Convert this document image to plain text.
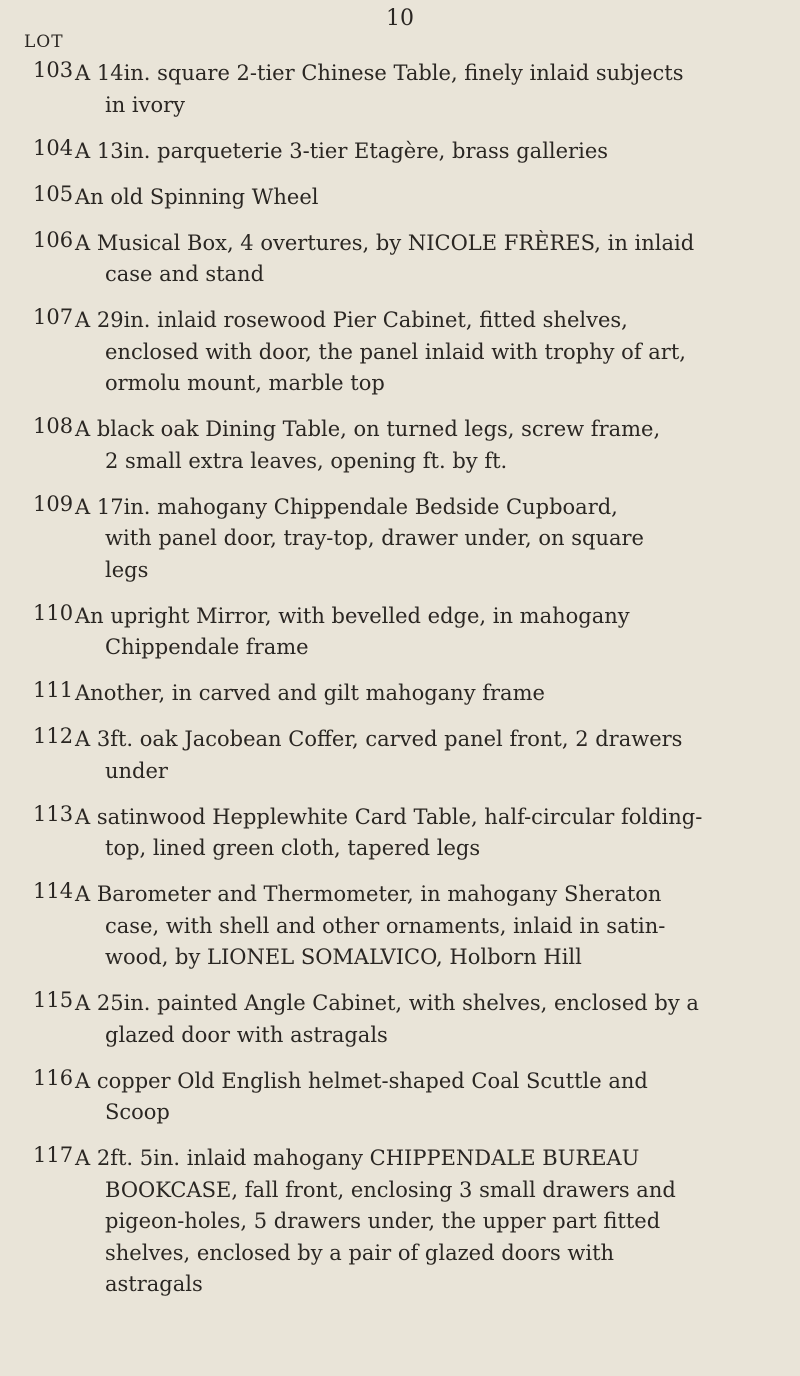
10
LOT
103 A 14in. square 2-tier Chinese Table, finely inlaid subjects
in ivory
104 A 13in. parqueterie 3-tier Etagère, brass galleries
105 An old Spinning Wheel
106 A Musical Box, 4 overtures, by NICOLE FRÈRES, in inlaid
case and stand
107 A 29in. inlaid rosewood Pier Cabinet, fitted shelves,
enclosed with door, the panel inlaid with trophy of art,
ormolu mount, marble top
108 A black oak Dining Table, on turned legs, screw frame,
2 small extra leaves, opening ft. by ft.
109 A 17in. mahogany Chippendale Bedside Cupboard,
with panel door, tray-top, drawer under, on square
legs
110 An upright Mirror, with bevelled edge, in mahogany
Chippendale frame
111 Another, in carved and gilt mahogany frame
112 A 3ft. oak Jacobean Coffer, carved panel front, 2 drawers
under
113 A satinwood Hepplewhite Card Table, half-circular folding-
top, lined green cloth, tapered legs
114 A Barometer and Thermometer, in mahogany Sheraton
case, with shell and other ornaments, inlaid in satin-
wood, by LIONEL SOMALVICO, Holborn Hill
115 A 25in. painted Angle Cabinet, with shelves, enclosed by a
glazed door with astragals
116 A copper Old English helmet-shaped Coal Scuttle and
Scoop
117 A 2ft. 5in. inlaid mahogany CHIPPENDALE BUREAU
BOOKCASE, fall front, enclosing 3 small drawers and
pigeon-holes, 5 drawers under, the upper part fitted
shelves, enclosed by a pair of glazed doors with
astragals
